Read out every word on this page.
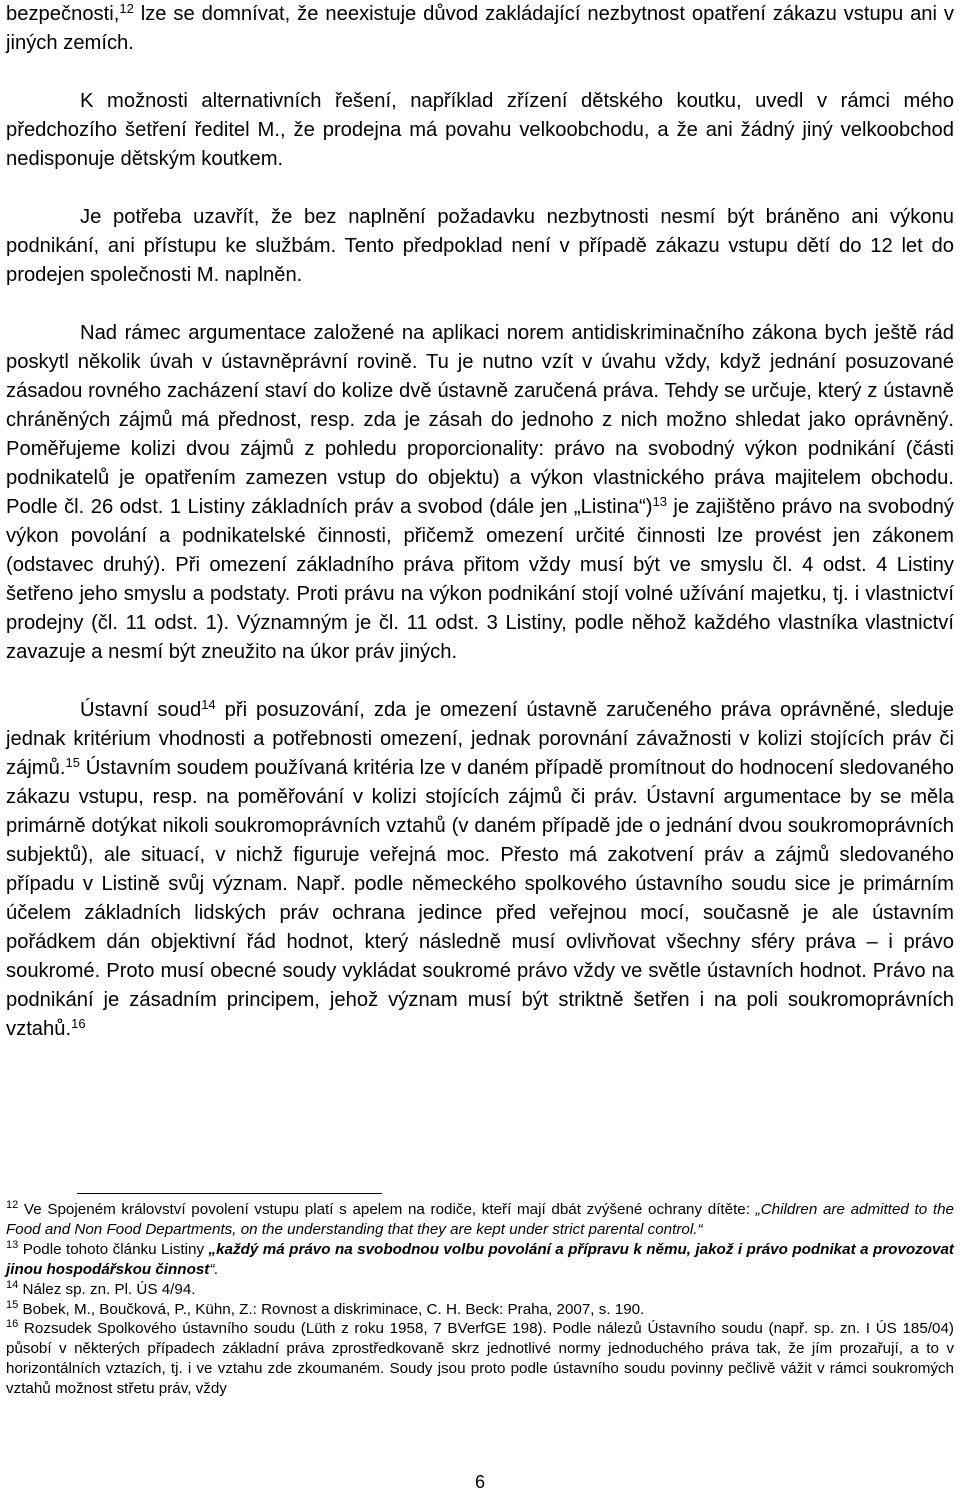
bezpečnosti,$^{12}$ lze se domnívat, že neexistuje důvod zakládající nezbytnost opatření zákazu vstupu ani v jiných zemích.

K možnosti alternativních řešení, například zřízení dětského koutku, uvedl v rámci mého předchozího šetření ředitel M., že prodejna má povahu velkoobchodu, a že ani žádný jiný velkoobchod nedisponuje dětským koutkem.

Je potřeba uzavřít, že bez naplnění požadavku nezbytnosti nesmí být bráněno ani výkonu podnikání, ani přístupu ke službám. Tento předpoklad není v případě zákazu vstupu dětí do 12 let do prodejen společnosti M. naplněn.

Nad rámec argumentace založené na aplikaci norem antidiskriminačního zákona bych ještě rád poskytl několik úvah v ústavněprávní rovině. Tu je nutno vzít v úvahu vždy, když jednání posuzované zásadou rovného zacházení staví do kolize dvě ústavně zaručená práva. Tehdy se určuje, který z ústavně chráněných zájmů má přednost, resp. zda je zásah do jednoho z nich možno shledat jako oprávněný. Poměřujeme kolizi dvou zájmů z pohledu proporcionality: právo na svobodný výkon podnikání (části podnikatelů je opatřením zamezen vstup do objektu) a výkon vlastnického práva majitelem obchodu. Podle čl. 26 odst. 1 Listiny základních práv a svobod (dále jen „Listina“)$^{13}$ je zajištěno právo na svobodný výkon povolání a podnikatelské činnosti, přičemž omezení určité činnosti lze provést jen zákonem (odstavec druhý). Při omezení základního práva přitom vždy musí být ve smyslu čl. 4 odst. 4 Listiny šetřeno jeho smyslu a podstaty. Proti právu na výkon podnikání stojí volné užívání majetku, tj. i vlastnictví prodejny (čl. 11 odst. 1). Významným je čl. 11 odst. 3 Listiny, podle něhož každého vlastníka vlastnictví zavazuje a nesmí být zneužito na úkor práv jiných.

Ústavní soud$^{14}$ při posuzování, zda je omezení ústavně zaručeného práva oprávněné, sleduje jednak kritérium vhodnosti a potřebnosti omezení, jednak porovnání závažnosti v kolizi stojících práv či zájmů.$^{15}$ Ústavním soudem používaná kritéria lze v daném případě promítnout do hodnocení sledovaného zákazu vstupu, resp. na poměřování v kolizi stojících zájmů či práv. Ústavní argumentace by se měla primárně dotýkat nikoli soukromoprávních vztahů (v daném případě jde o jednání dvou soukromoprávních subjektů), ale situací, v nichž figuruje veřejná moc. Přesto má zakotvení práv a zájmů sledovaného případu v Listině svůj význam. Např. podle německého spolkového ústavního soudu sice je primárním účelem základních lidských práv ochrana jedince před veřejnou mocí, současně je ale ústavním pořádkem dán objektivní řád hodnot, který následně musí ovlivňovat všechny sféry práva – i právo soukromé. Proto musí obecné soudy vykládat soukromé právo vždy ve světle ústavních hodnot. Právo na podnikání je zásadním principem, jehož význam musí být striktně šetřen i na poli soukromoprávních vztahů.$^{16}$

$^{12}$ Ve Spojeném království povolení vstupu platí s apelem na rodiče, kteří mají dbát zvýšené ochrany dítěte: „Children are admitted to the Food and Non Food Departments, on the understanding that they are kept under strict parental control.“

$^{13}$ Podle tohoto článku Listiny „každý má právo na svobodnou volbu povolání a přípravu k němu, jakož i právo podnikat a provozovat jinou hospodářskou činnost“.

$^{14}$ Nález sp. zn. Pl. ÚS 4/94.

$^{15}$ Bobek, M., Boučková, P., Kühn, Z.: Rovnost a diskriminace, C. H. Beck: Praha, 2007, s. 190.

$^{16}$ Rozsudek Spolkového ústavního soudu (Lüth z roku 1958, 7 BVerfGE 198). Podle nálezů Ústavního soudu (např. sp. zn. I ÚS 185/04) působí v některých případech základní práva zprostředkovaně skrz jednotlivé normy jednoduchého práva tak, že jím prozařují, a to v horizontálních vztazích, tj. i ve vztahu zde zkoumaném. Soudy jsou proto podle ústavního soudu povinny pečlivě vážit v rámci soukromých vztahů možnost střetu práv, vždy

6
